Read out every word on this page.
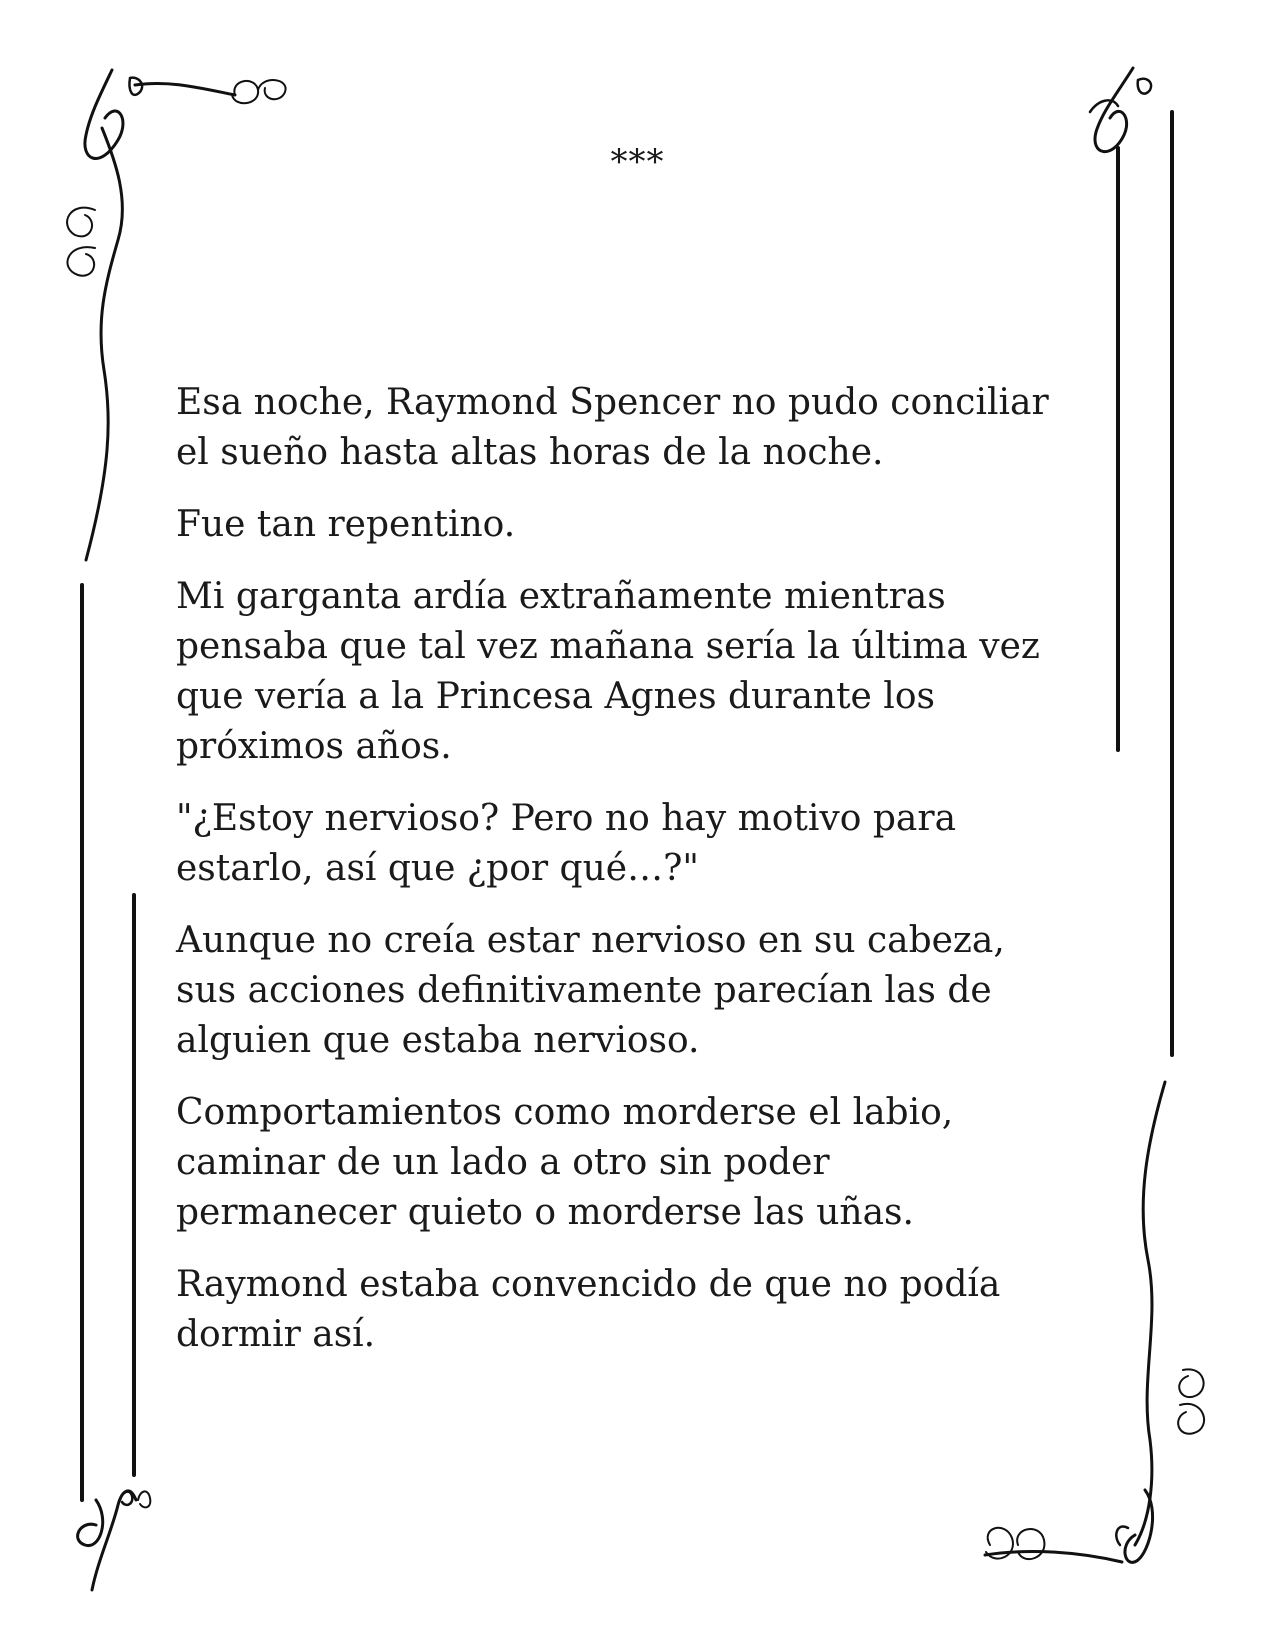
***

Esa noche, Raymond Spencer no pudo conciliar
el sueño hasta altas horas de la noche.

Fue tan repentino.

Mi garganta ardía extrañamente mientras
pensaba que tal vez mañana sería la última vez
que vería a la Princesa Agnes durante los
próximos años.

"¿Estoy nervioso? Pero no hay motivo para
estarlo, así que ¿por qué…?"

Aunque no creía estar nervioso en su cabeza,
sus acciones definitivamente parecían las de
alguien que estaba nervioso.

Comportamientos como morderse el labio,
caminar de un lado a otro sin poder
permanecer quieto o morderse las uñas.

Raymond estaba convencido de que no podía
dormir así.
